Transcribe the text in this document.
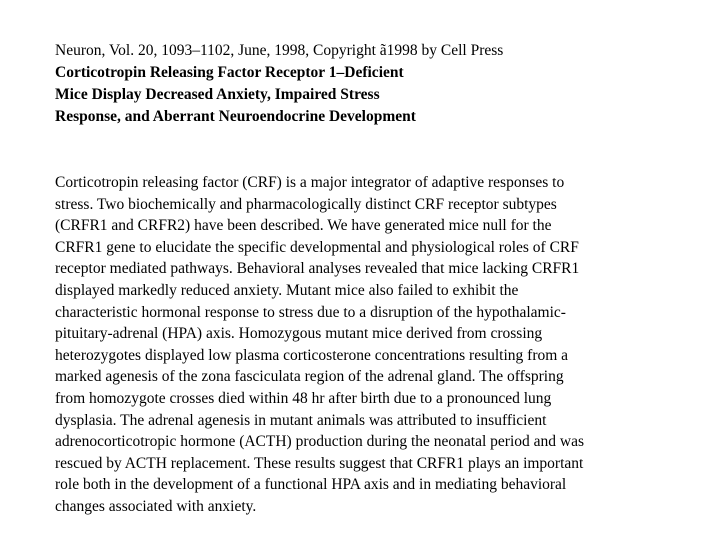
Neuron, Vol. 20, 1093–1102, June, 1998, Copyright ã1998 by Cell Press
Corticotropin Releasing Factor Receptor 1–Deficient
Mice Display Decreased Anxiety, Impaired Stress
Response, and Aberrant Neuroendocrine Development
Corticotropin releasing factor (CRF) is a major integrator of adaptive responses to
stress. Two biochemically and pharmacologically distinct CRF receptor subtypes
(CRFR1 and CRFR2) have been described. We have generated mice null for the
CRFR1 gene to elucidate the specific developmental and physiological roles of CRF
receptor mediated pathways. Behavioral analyses revealed that mice lacking CRFR1
displayed markedly reduced anxiety. Mutant mice also failed to exhibit the
characteristic hormonal response to stress due to a disruption of the hypothalamic-
pituitary-adrenal (HPA) axis. Homozygous mutant mice derived from crossing
heterozygotes displayed low plasma corticosterone concentrations resulting from a
marked agenesis of the zona fasciculata region of the adrenal gland. The offspring
from homozygote crosses died within 48 hr after birth due to a pronounced lung
dysplasia. The adrenal agenesis in mutant animals was attributed to insufficient
adrenocorticotropic hormone (ACTH) production during the neonatal period and was
rescued by ACTH replacement. These results suggest that CRFR1 plays an important
role both in the development of a functional HPA axis and in mediating behavioral
changes associated with anxiety.
